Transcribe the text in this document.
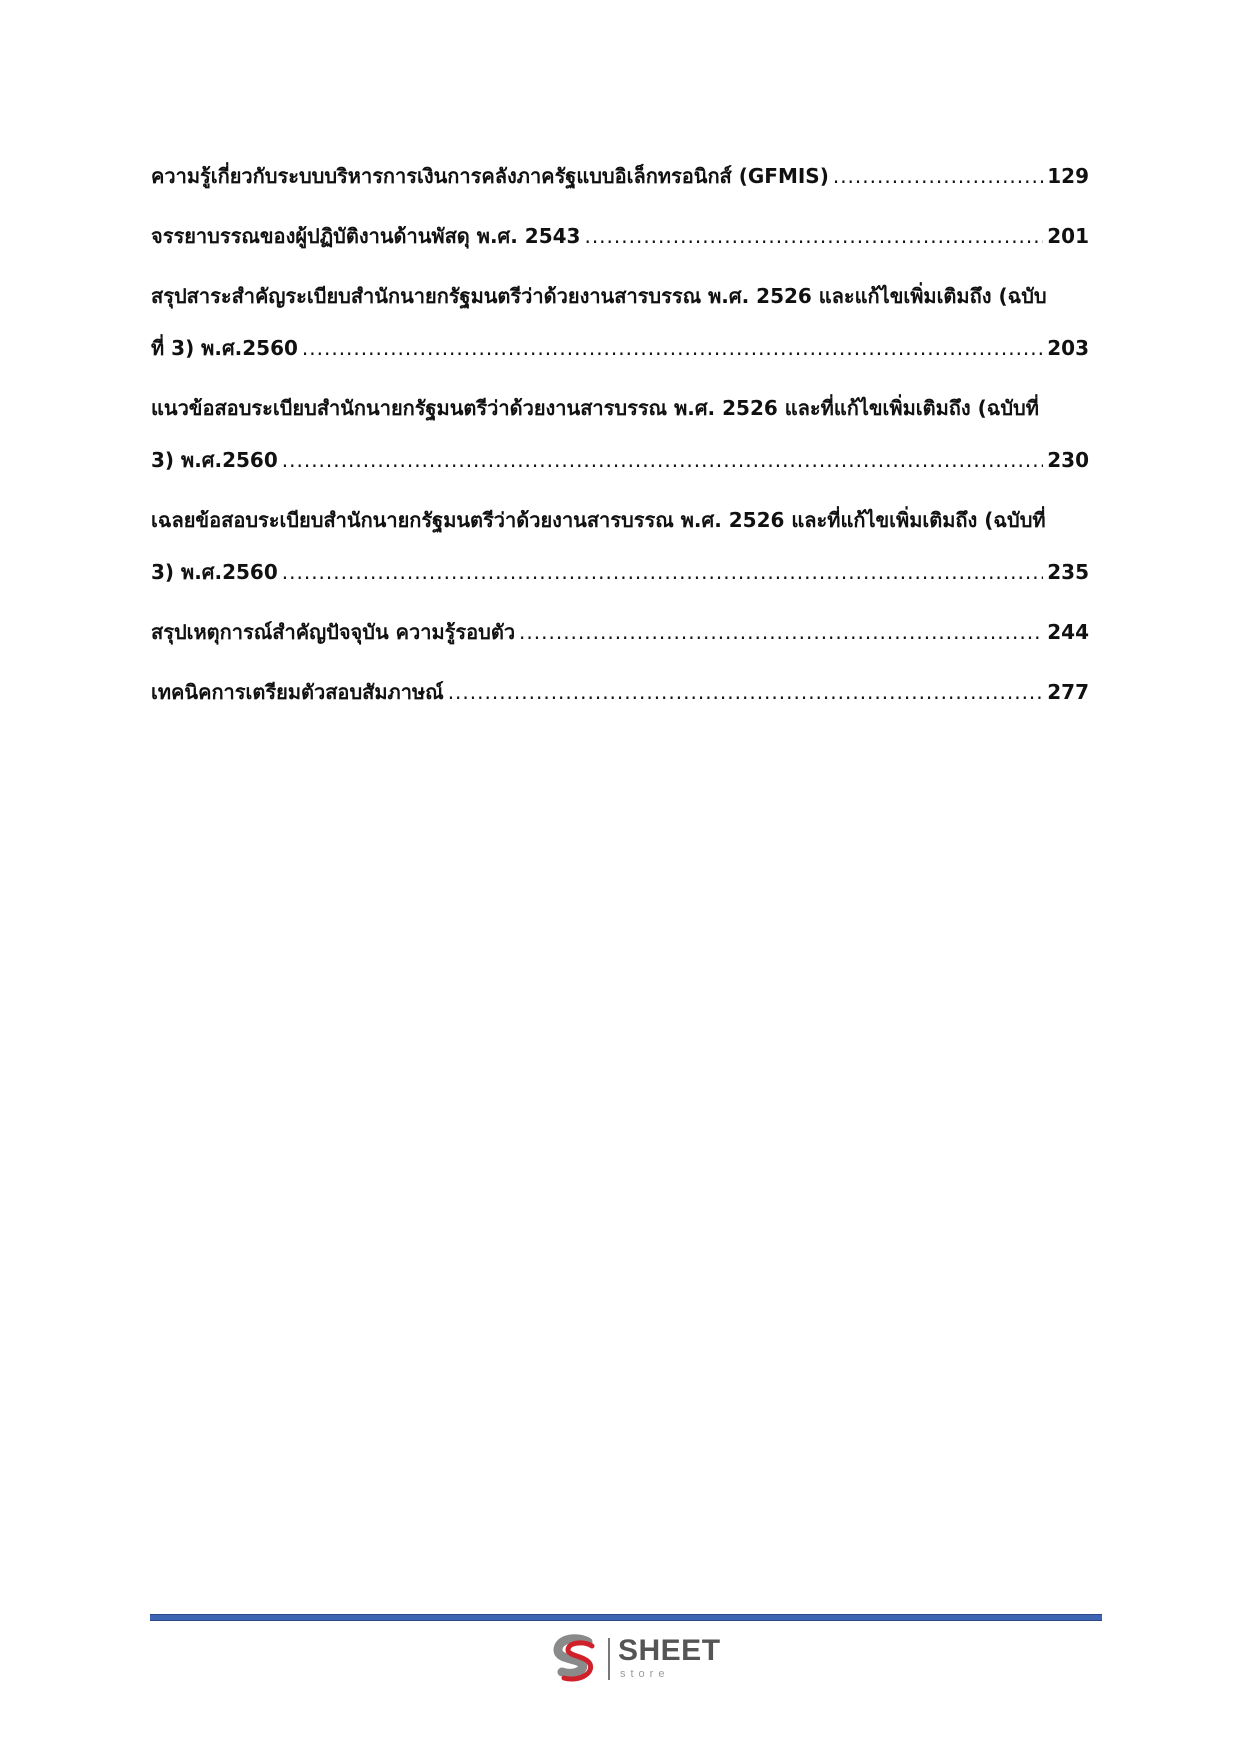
ความรู้เกี่ยวกับระบบบริหารการเงินการคลังภาครัฐแบบอิเล็กทรอนิกส์ (GFMIS) .....	129
จรรยาบรรณของผู้ปฏิบัติงานด้านพัสดุ พ.ศ. 2543 .....	201
สรุปสาระสำคัญระเบียบสำนักนายกรัฐมนตรีว่าด้วยงานสารบรรณ พ.ศ. 2526 และแก้ไขเพิ่มเติมถึง (ฉบับ
ที่ 3) พ.ศ.2560 .....	203
แนวข้อสอบระเบียบสำนักนายกรัฐมนตรีว่าด้วยงานสารบรรณ พ.ศ. 2526 และที่แก้ไขเพิ่มเติมถึง (ฉบับที่
3) พ.ศ.2560 .....	230
เฉลยข้อสอบระเบียบสำนักนายกรัฐมนตรีว่าด้วยงานสารบรรณ พ.ศ. 2526 และที่แก้ไขเพิ่มเติมถึง (ฉบับที่
3) พ.ศ.2560 .....	235
สรุปเหตุการณ์สำคัญปัจจุบัน ความรู้รอบตัว .....	244
เทคนิคการเตรียมตัวสอบสัมภาษณ์ .....	277
SHEET
store
